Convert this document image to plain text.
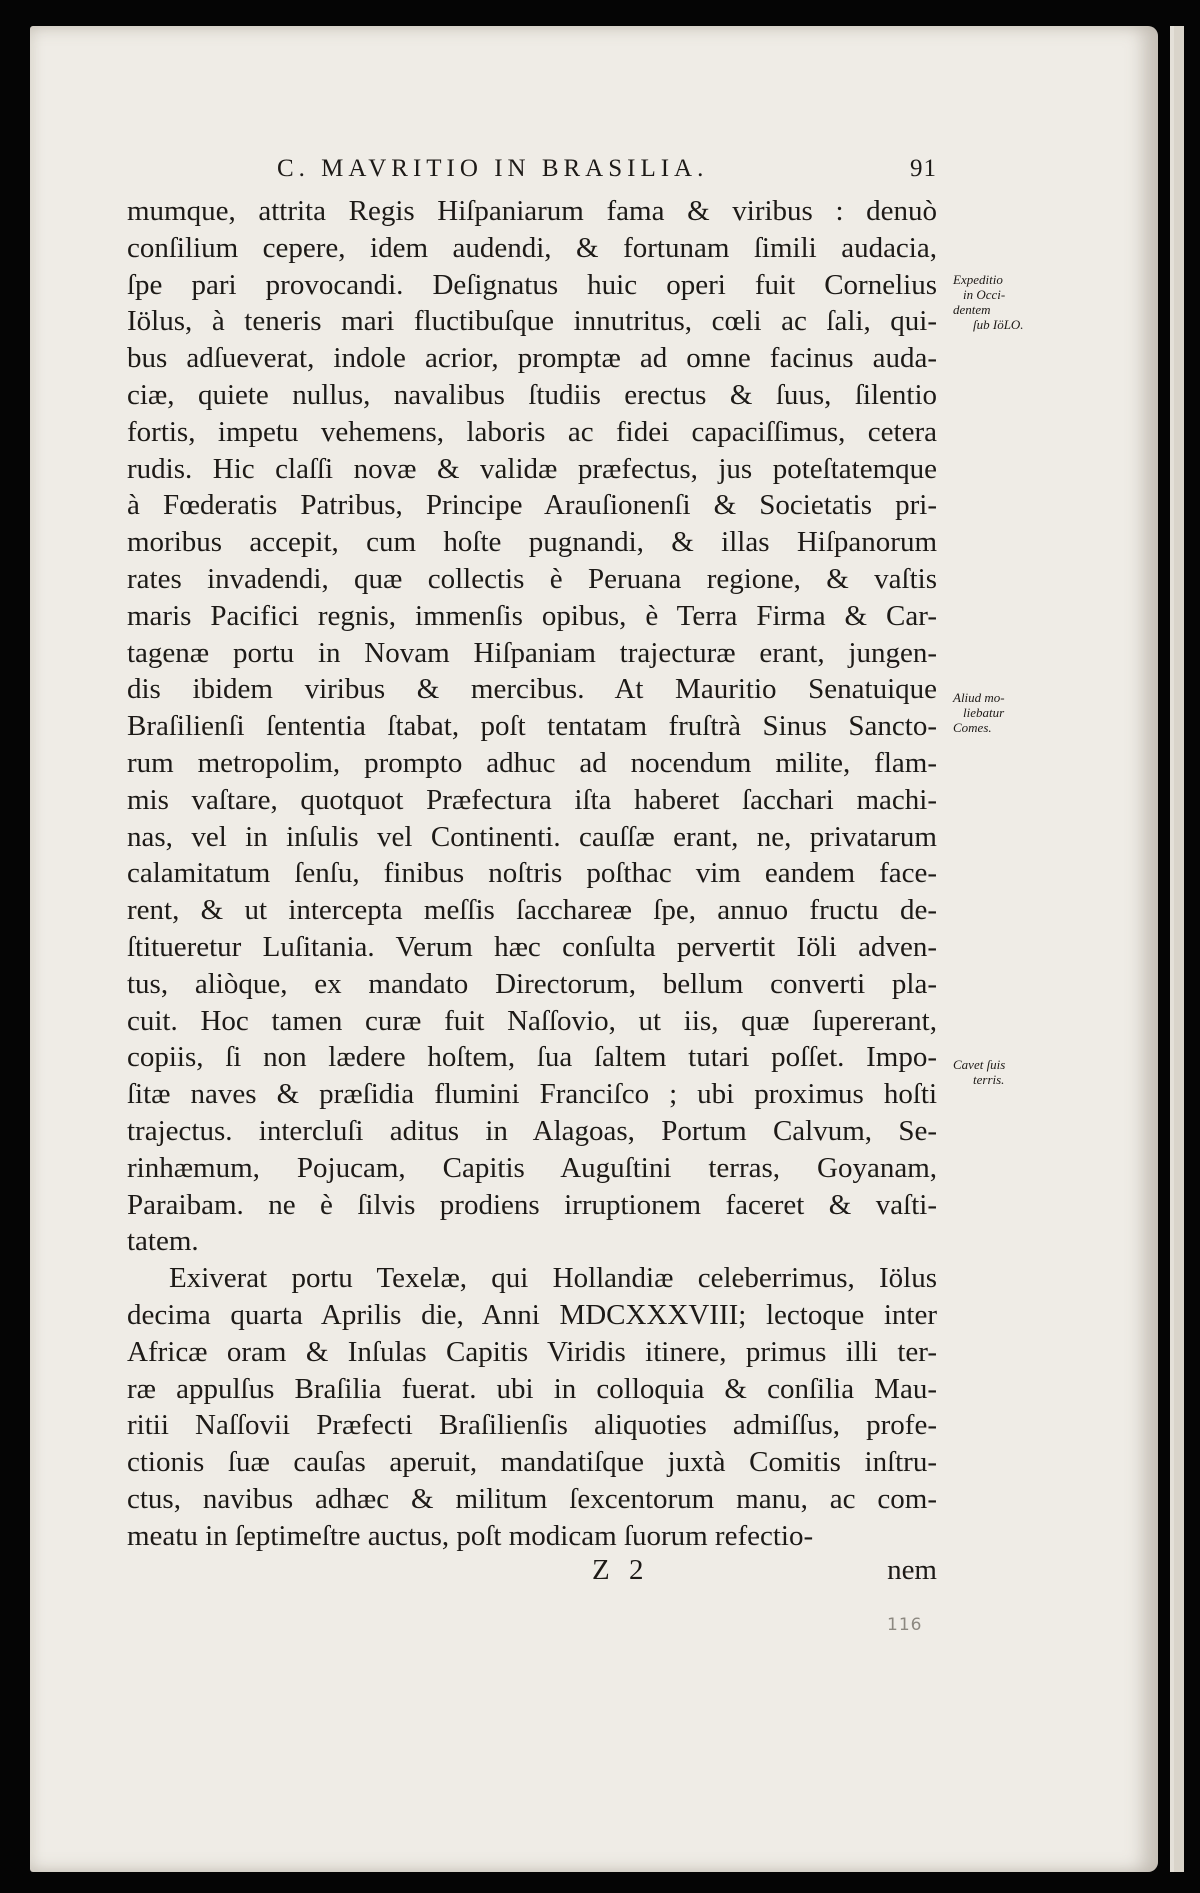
C. MAVRITIO IN BRASILIA.	91
mumque, attrita Regis Hiſpaniarum fama & viribus : denuò
conſilium cepere, idem audendi, & fortunam ſimili audacia,
ſpe pari provocandi. Deſignatus huic operi fuit Cornelius
Iölus, à teneris mari fluctibuſque innutritus, cœli ac ſali, qui-
bus adſueverat, indole acrior, promptæ ad omne facinus auda-
ciæ, quiete nullus, navalibus ſtudiis erectus & ſuus, ſilentio
fortis, impetu vehemens, laboris ac fidei capaciſſimus, cetera
rudis. Hic claſſi novæ & validæ præfectus, jus poteſtatemque
à Fœderatis Patribus, Principe Arauſionenſi & Societatis pri-
moribus accepit, cum hoſte pugnandi, & illas Hiſpanorum
rates invadendi, quæ collectis è Peruana regione, & vaſtis
maris Pacifici regnis, immenſis opibus, è Terra Firma & Car-
tagenæ portu in Novam Hiſpaniam trajecturæ erant, jungen-
dis ibidem viribus & mercibus. At Mauritio Senatuique
Braſilienſi ſententia ſtabat, poſt tentatam fruſtrà Sinus Sancto-
rum metropolim, prompto adhuc ad nocendum milite, flam-
mis vaſtare, quotquot Præfectura iſta haberet ſacchari machi-
nas, vel in inſulis vel Continenti. cauſſæ erant, ne, privatarum
calamitatum ſenſu, finibus noſtris poſthac vim eandem face-
rent, & ut intercepta meſſis ſacchareæ ſpe, annuo fructu de-
ſtitueretur Luſitania. Verum hæc conſulta pervertit Iöli adven-
tus, aliòque, ex mandato Directorum, bellum converti pla-
cuit. Hoc tamen curæ fuit Naſſovio, ut iis, quæ ſupererant,
copiis, ſi non lædere hoſtem, ſua ſaltem tutari poſſet. Impo-
ſitæ naves & præſidia flumini Franciſco ; ubi proximus hoſti
trajectus. intercluſi aditus in Alagoas, Portum Calvum, Se-
rinhæmum, Pojucam, Capitis Auguſtini terras, Goyanam,
Paraibam. ne è ſilvis prodiens irruptionem faceret & vaſti-
tatem.
Exiverat portu Texelæ, qui Hollandiæ celeberrimus, Iölus
decima quarta Aprilis die, Anni MDCXXXVIII; lectoque inter
Africæ oram & Inſulas Capitis Viridis itinere, primus illi ter-
ræ appulſus Braſilia fuerat. ubi in colloquia & conſilia Mau-
ritii Naſſovii Præfecti Braſilienſis aliquoties admiſſus, profe-
ctionis ſuæ cauſas aperuit, mandatiſque juxtà Comitis inſtru-
ctus, navibus adhæc & militum ſexcentorum manu, ac com-
meatu in ſeptimeſtre auctus, poſt modicam ſuorum refectio-
Z 2	nem
Expeditio
in Occi-
dentem
ſub IöLO.
Aliud mo-
liebatur
Comes.
Cavet ſuis
terris.
116
